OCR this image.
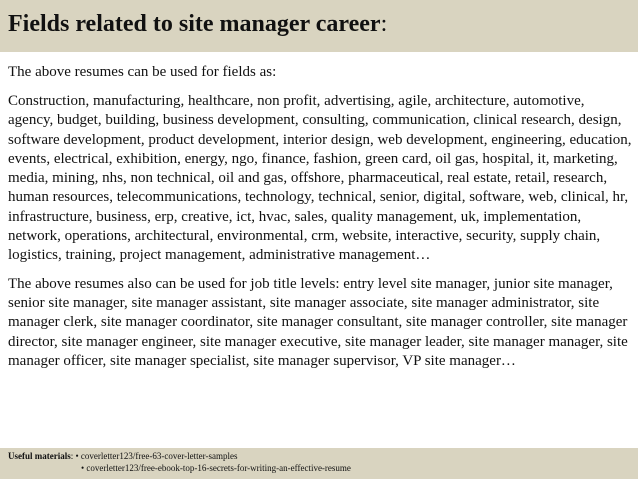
Fields related to site manager career:

The above resumes can be used for fields as:

Construction, manufacturing, healthcare, non profit, advertising, agile, architecture, automotive, agency, budget, building, business development, consulting, communication, clinical research, design, software development, product development, interior design, web development, engineering, education, events, electrical, exhibition, energy, ngo, finance, fashion, green card, oil gas, hospital, it, marketing, media, mining, nhs, non technical, oil and gas, offshore, pharmaceutical, real estate, retail, research, human resources, telecommunications, technology, technical, senior, digital, software, web, clinical, hr, infrastructure, business, erp, creative, ict, hvac, sales, quality management, uk, implementation, network, operations, architectural, environmental, crm, website, interactive, security, supply chain, logistics, training, project management, administrative management…

The above resumes also can be used for job title levels: entry level site manager, junior site manager, senior site manager, site manager assistant, site manager associate, site manager administrator, site manager clerk, site manager coordinator, site manager consultant, site manager controller, site manager director, site manager engineer, site manager executive, site manager leader, site manager manager, site manager officer, site manager specialist, site manager supervisor, VP site manager…

Useful materials : • coverletter123/free-63-cover-letter-samples
• coverletter123/free-ebook-top-16-secrets-for-writing-an-effective-resume
